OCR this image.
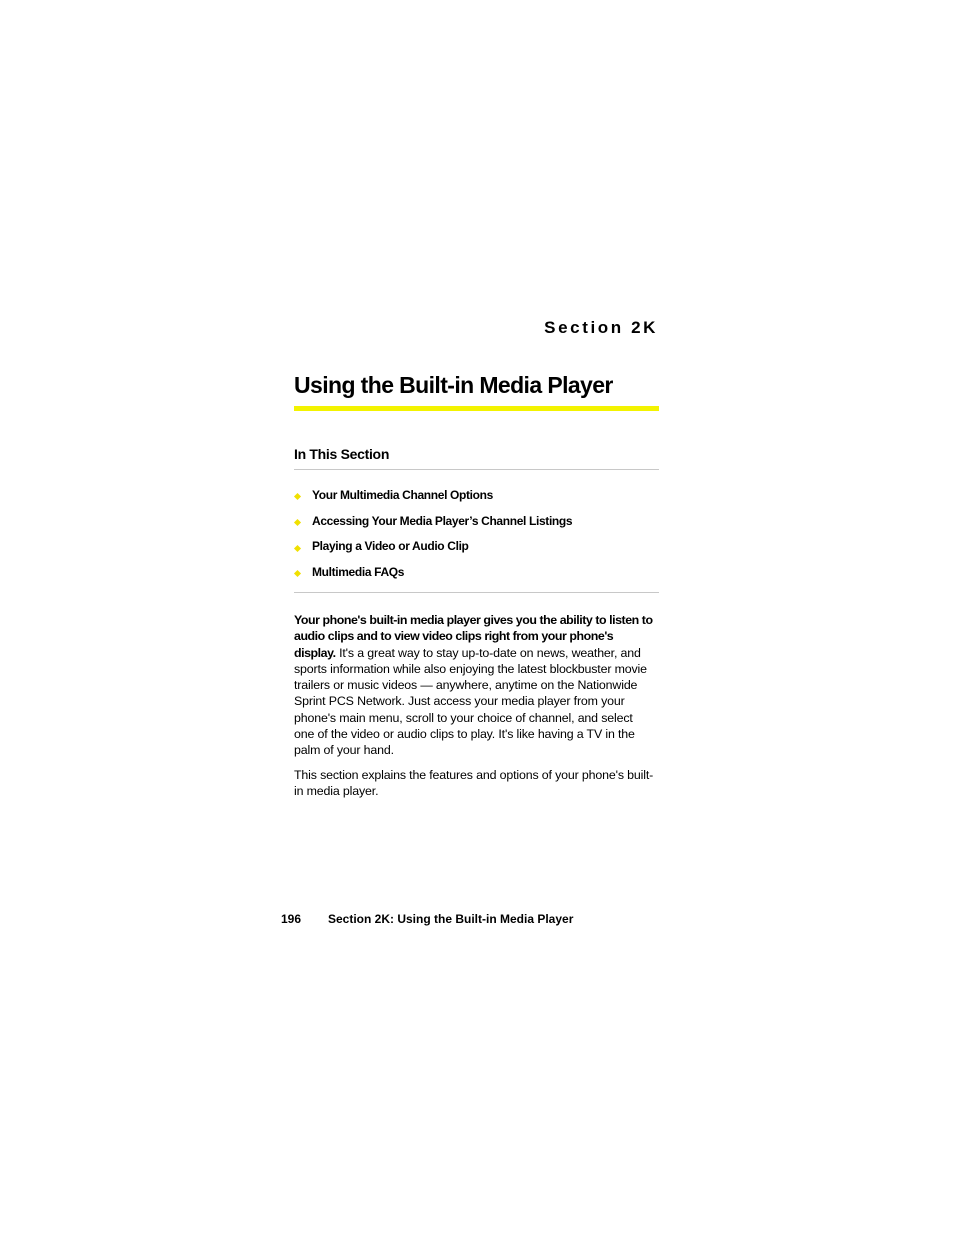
Section 2K
Using the Built-in Media Player
In This Section
Your Multimedia Channel Options
Accessing Your Media Player’s Channel Listings
Playing a Video or Audio Clip
Multimedia FAQs

Your phone's built-in media player gives you the ability to listen to audio clips and to view video clips right from your phone's display. It's a great way to stay up-to-date on news, weather, and sports information while also enjoying the latest blockbuster movie trailers or music videos — anywhere, anytime on the Nationwide Sprint PCS Network. Just access your media player from your phone's main menu, scroll to your choice of channel, and select one of the video or audio clips to play. It's like having a TV in the palm of your hand.

This section explains the features and options of your phone's built-in media player.

196 Section 2K: Using the Built-in Media Player
